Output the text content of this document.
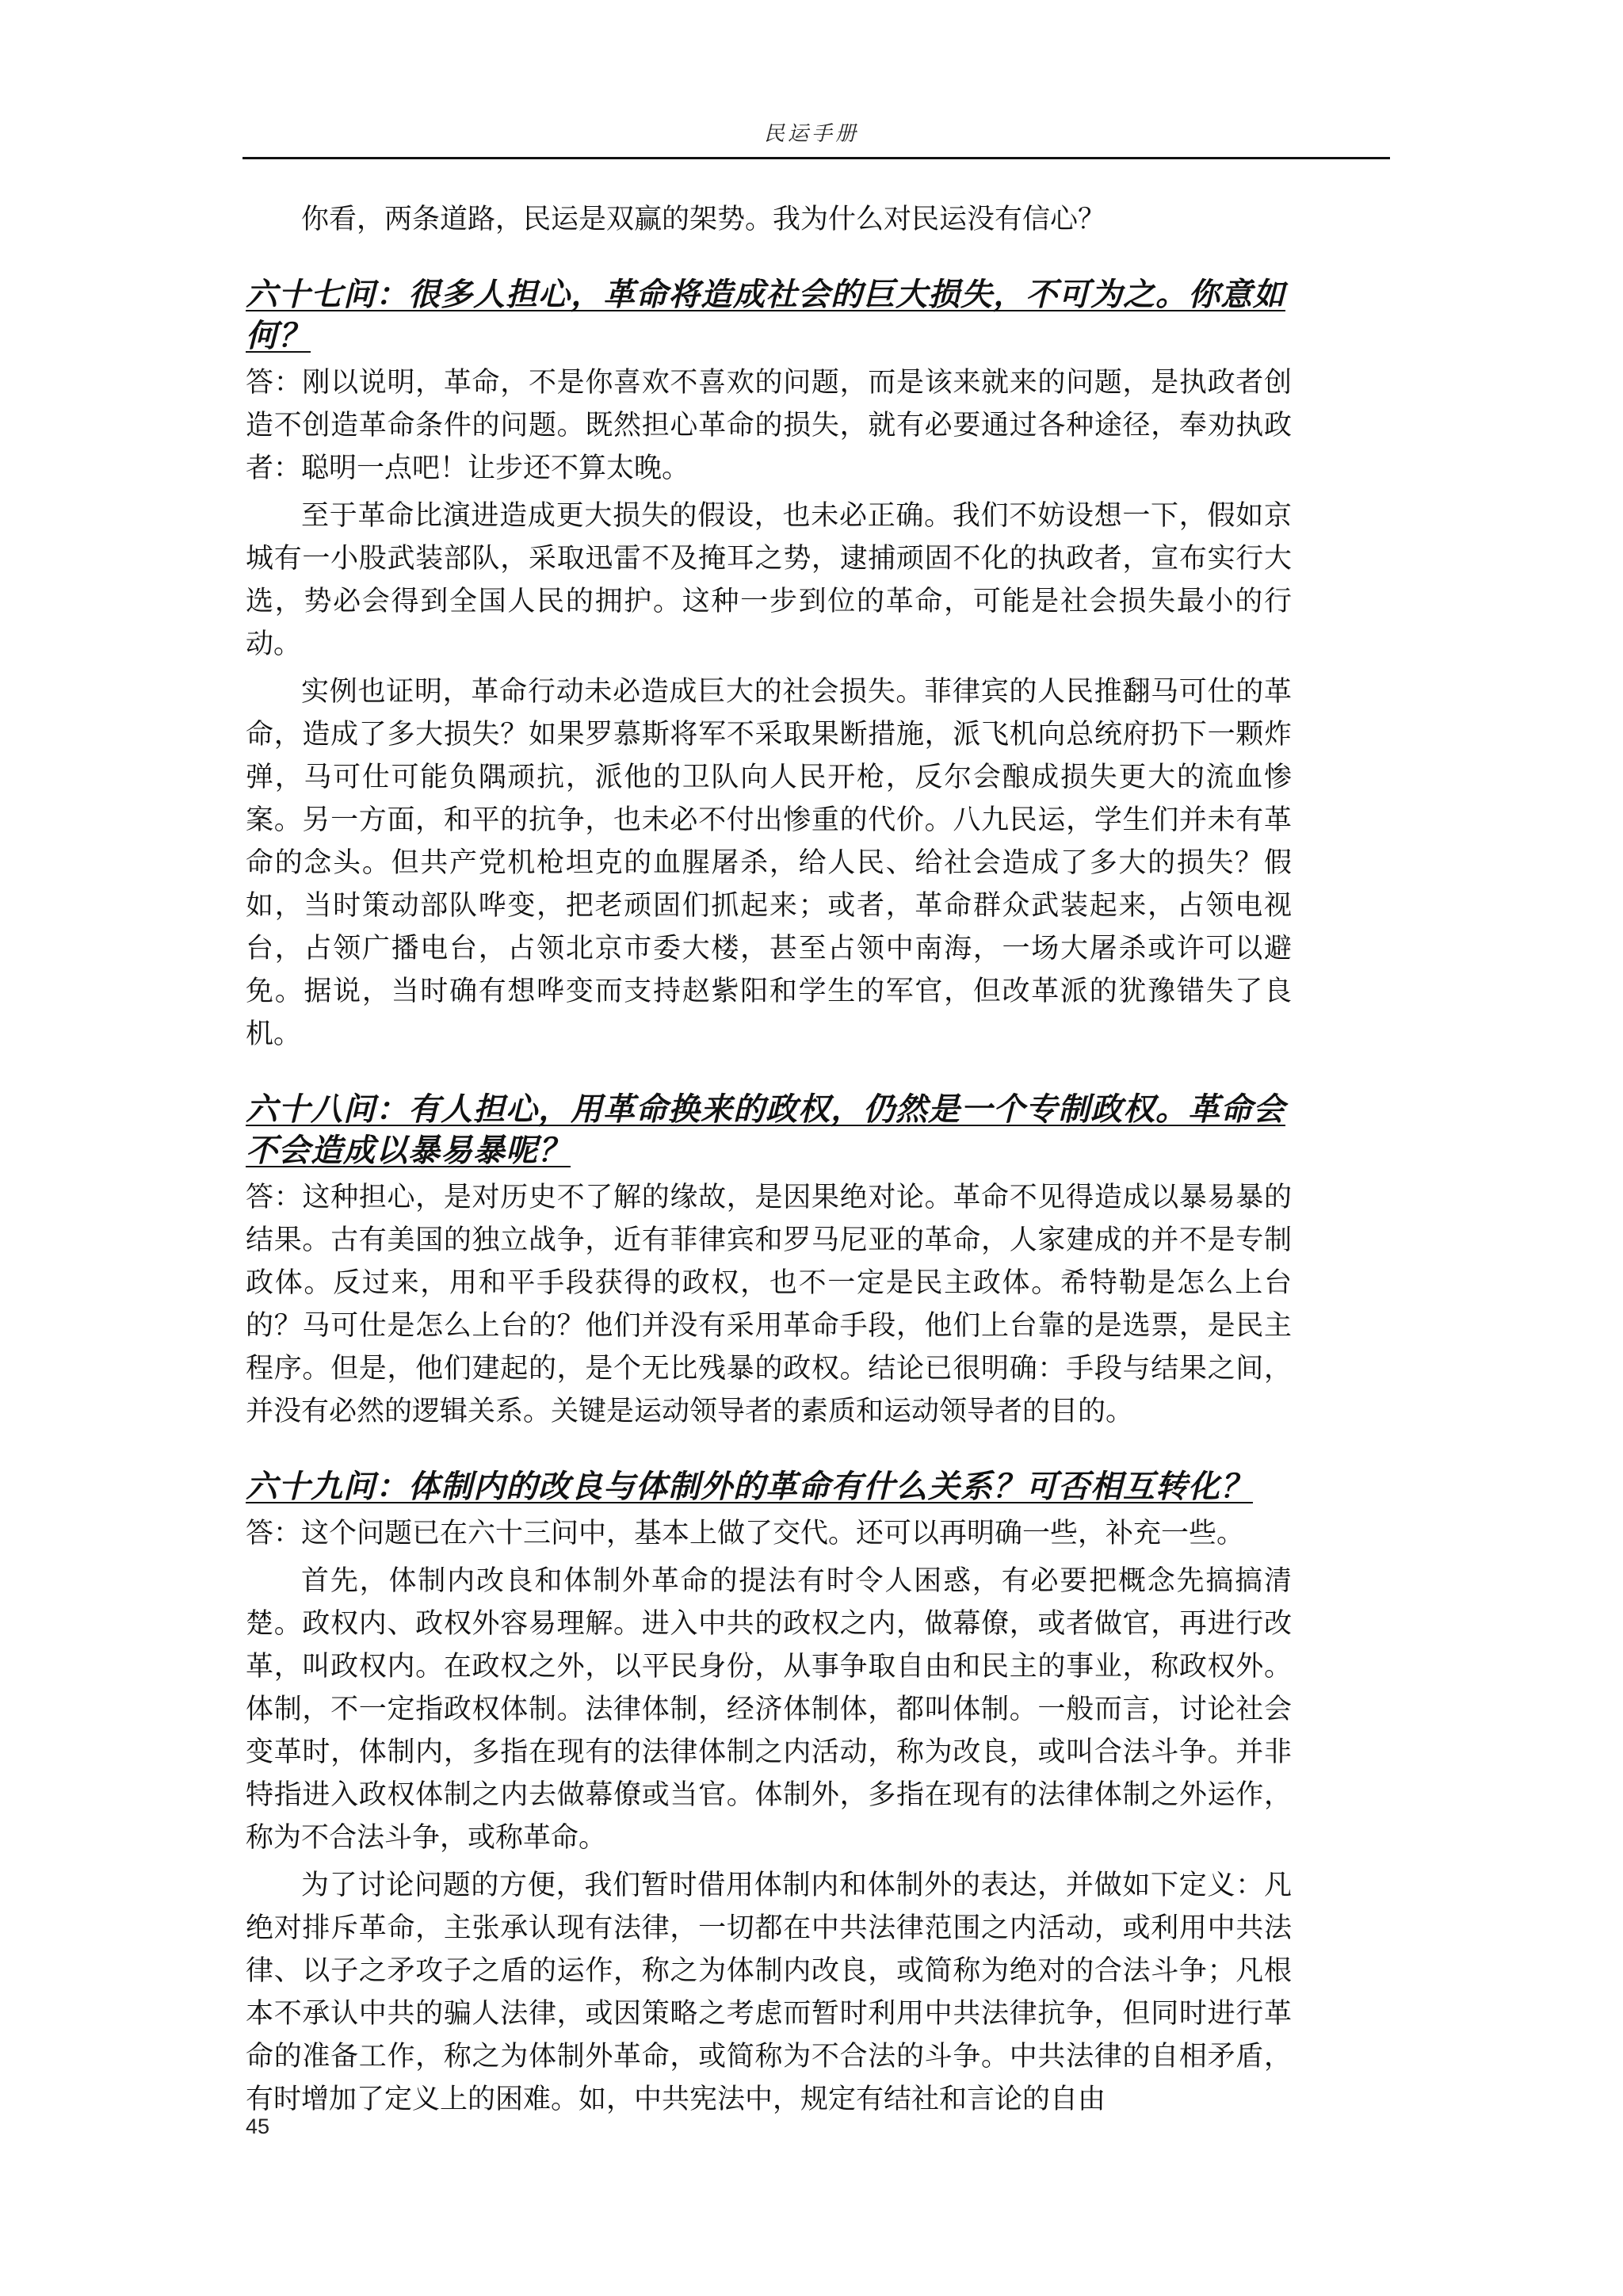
民运手册

你看，两条道路，民运是双赢的架势。我为什么对民运没有信心？

六十七问：很多人担心，革命将造成社会的巨大损失，不可为之。你意如何？

答：刚以说明，革命，不是你喜欢不喜欢的问题，而是该来就来的问题，是执政者创造不创造革命条件的问题。既然担心革命的损失，就有必要通过各种途径，奉劝执政者：聪明一点吧！让步还不算太晚。

至于革命比演进造成更大损失的假设，也未必正确。我们不妨设想一下，假如京城有一小股武装部队，采取迅雷不及掩耳之势，逮捕顽固不化的执政者，宣布实行大选，势必会得到全国人民的拥护。这种一步到位的革命，可能是社会损失最小的行动。

实例也证明，革命行动未必造成巨大的社会损失。菲律宾的人民推翻马可仕的革命，造成了多大损失？如果罗慕斯将军不采取果断措施，派飞机向总统府扔下一颗炸弹，马可仕可能负隅顽抗，派他的卫队向人民开枪，反尔会酿成损失更大的流血惨案。另一方面，和平的抗争，也未必不付出惨重的代价。八九民运，学生们并未有革命的念头。但共产党机枪坦克的血腥屠杀，给人民、给社会造成了多大的损失？假如，当时策动部队哗变，把老顽固们抓起来；或者，革命群众武装起来，占领电视台，占领广播电台，占领北京市委大楼，甚至占领中南海，一场大屠杀或许可以避免。据说，当时确有想哗变而支持赵紫阳和学生的军官，但改革派的犹豫错失了良机。

六十八问：有人担心，用革命换来的政权，仍然是一个专制政权。革命会不会造成以暴易暴呢？

答：这种担心，是对历史不了解的缘故，是因果绝对论。革命不见得造成以暴易暴的结果。古有美国的独立战争，近有菲律宾和罗马尼亚的革命，人家建成的并不是专制政体。反过来，用和平手段获得的政权，也不一定是民主政体。希特勒是怎么上台的？马可仕是怎么上台的？他们并没有采用革命手段，他们上台靠的是选票，是民主程序。但是，他们建起的，是个无比残暴的政权。结论已很明确：手段与结果之间，并没有必然的逻辑关系。关键是运动领导者的素质和运动领导者的目的。

六十九问：体制内的改良与体制外的革命有什么关系？可否相互转化？

答：这个问题已在六十三问中，基本上做了交代。还可以再明确一些，补充一些。

首先，体制内改良和体制外革命的提法有时令人困惑，有必要把概念先搞搞清楚。政权内、政权外容易理解。进入中共的政权之内，做幕僚，或者做官，再进行改革，叫政权内。在政权之外，以平民身份，从事争取自由和民主的事业，称政权外。体制，不一定指政权体制。法律体制，经济体制体，都叫体制。一般而言，讨论社会变革时，体制内，多指在现有的法律体制之内活动，称为改良，或叫合法斗争。并非特指进入政权体制之内去做幕僚或当官。体制外，多指在现有的法律体制之外运作，称为不合法斗争，或称革命。

为了讨论问题的方便，我们暂时借用体制内和体制外的表达，并做如下定义：凡绝对排斥革命，主张承认现有法律，一切都在中共法律范围之内活动，或利用中共法律、以子之矛攻子之盾的运作，称之为体制内改良，或简称为绝对的合法斗争；凡根本不承认中共的骗人法律，或因策略之考虑而暂时利用中共法律抗争，但同时进行革命的准备工作，称之为体制外革命，或简称为不合法的斗争。中共法律的自相矛盾，有时增加了定义上的困难。如，中共宪法中，规定有结社和言论的自由

45
